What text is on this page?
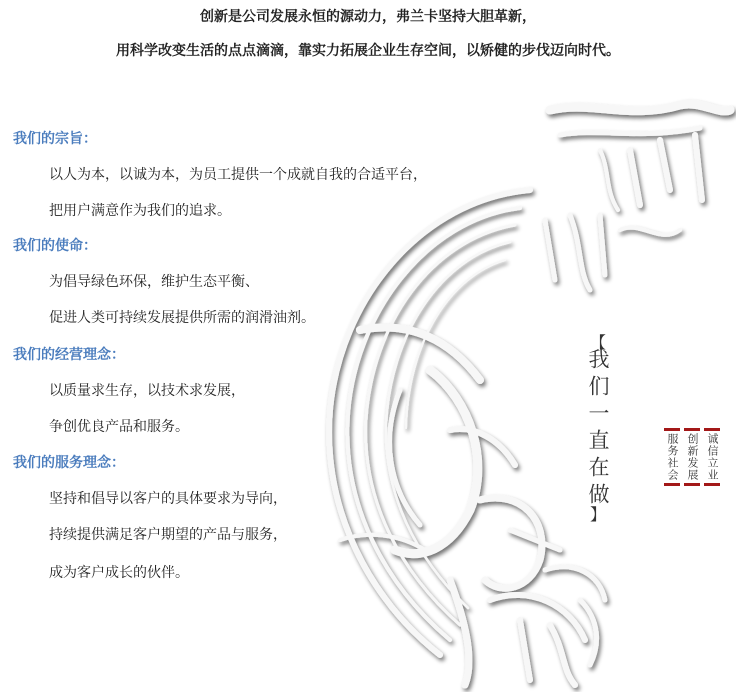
创新是公司发展永恒的源动力，弗兰卡坚持大胆革新，
用科学改变生活的点点滴滴，靠实力拓展企业生存空间，以矫健的步伐迈向时代。
我们的宗旨：
以人为本，以诚为本，为员工提供一个成就自我的合适平台，
把用户满意作为我们的追求。
我们的使命：
为倡导绿色环保，维护生态平衡、
促进人类可持续发展提供所需的润滑油剂。
我们的经营理念：
以质量求生存，以技术求发展，
争创优良产品和服务。
我们的服务理念：
坚持和倡导以客户的具体要求为导向，
持续提供满足客户期望的产品与服务，
成为客户成长的伙伴。
【
我们一直在做
】
诚信立业
创新发展
服务社会
